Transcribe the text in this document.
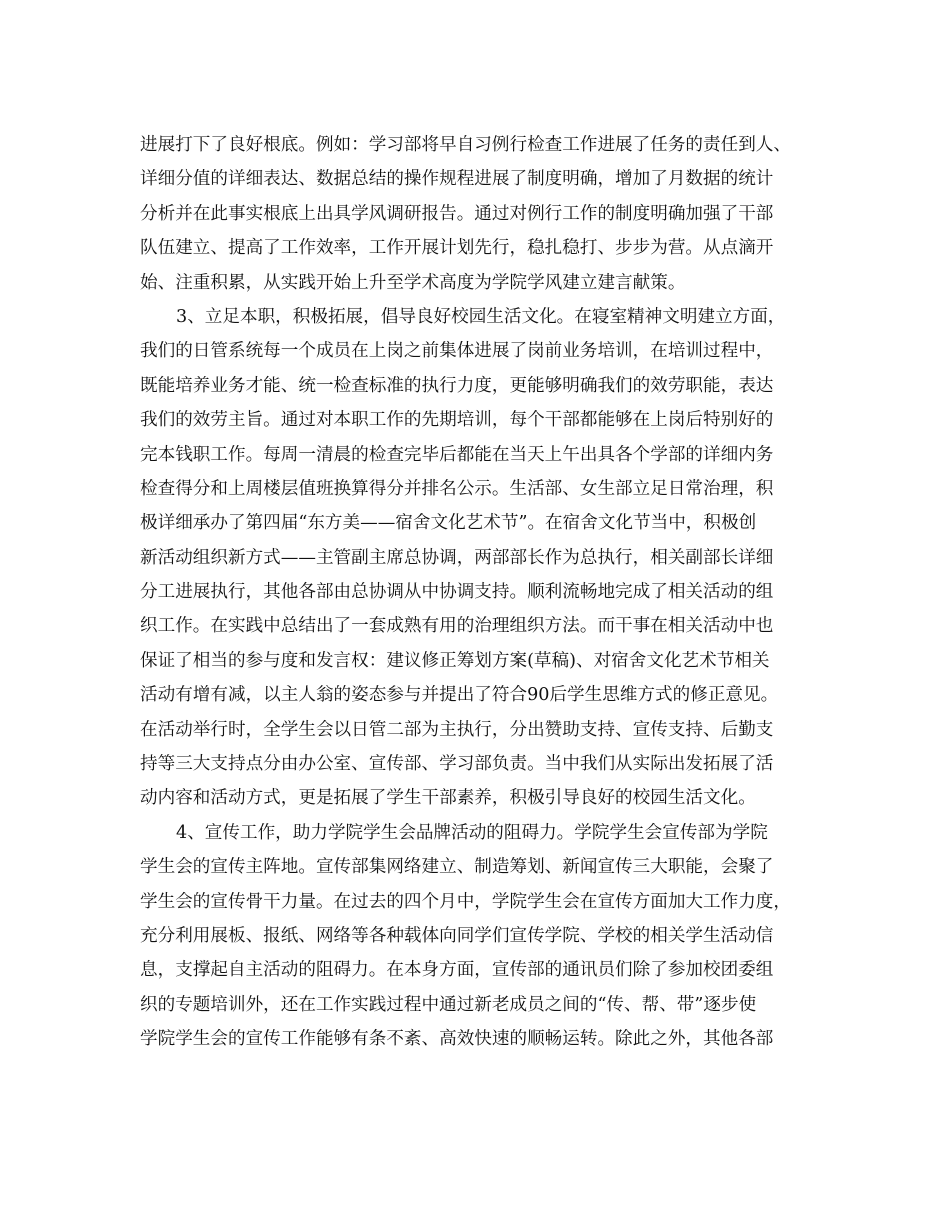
进展打下了良好根底。例如：学习部将早自习例行检查工作进展了任务的责任到人、
详细分值的详细表达、数据总结的操作规程进展了制度明确，增加了月数据的统计
分析并在此事实根底上出具学风调研报告。通过对例行工作的制度明确加强了干部
队伍建立、提高了工作效率，工作开展计划先行，稳扎稳打、步步为营。从点滴开
始、注重积累，从实践开始上升至学术高度为学院学风建立建言献策。
3、立足本职，积极拓展，倡导良好校园生活文化。在寝室精神文明建立方面，
我们的日管系统每一个成员在上岗之前集体进展了岗前业务培训，在培训过程中，
既能培养业务才能、统一检查标准的执行力度，更能够明确我们的效劳职能，表达
我们的效劳主旨。通过对本职工作的先期培训，每个干部都能够在上岗后特别好的
完本钱职工作。每周一清晨的检查完毕后都能在当天上午出具各个学部的详细内务
检查得分和上周楼层值班换算得分并排名公示。生活部、女生部立足日常治理，积
极详细承办了第四届“东方美——宿舍文化艺术节”。在宿舍文化节当中，积极创
新活动组织新方式——主管副主席总协调，两部部长作为总执行，相关副部长详细
分工进展执行，其他各部由总协调从中协调支持。顺利流畅地完成了相关活动的组
织工作。在实践中总结出了一套成熟有用的治理组织方法。而干事在相关活动中也
保证了相当的参与度和发言权：建议修正筹划方案(草稿)、对宿舍文化艺术节相关
活动有增有减，以主人翁的姿态参与并提出了符合90后学生思维方式的修正意见。
在活动举行时，全学生会以日管二部为主执行，分出赞助支持、宣传支持、后勤支
持等三大支持点分由办公室、宣传部、学习部负责。当中我们从实际出发拓展了活
动内容和活动方式，更是拓展了学生干部素养，积极引导良好的校园生活文化。
4、宣传工作，助力学院学生会品牌活动的阻碍力。学院学生会宣传部为学院
学生会的宣传主阵地。宣传部集网络建立、制造筹划、新闻宣传三大职能，会聚了
学生会的宣传骨干力量。在过去的四个月中，学院学生会在宣传方面加大工作力度，
充分利用展板、报纸、网络等各种载体向同学们宣传学院、学校的相关学生活动信
息，支撑起自主活动的阻碍力。在本身方面，宣传部的通讯员们除了参加校团委组
织的专题培训外，还在工作实践过程中通过新老成员之间的“传、帮、带”逐步使
学院学生会的宣传工作能够有条不紊、高效快速的顺畅运转。除此之外，其他各部
